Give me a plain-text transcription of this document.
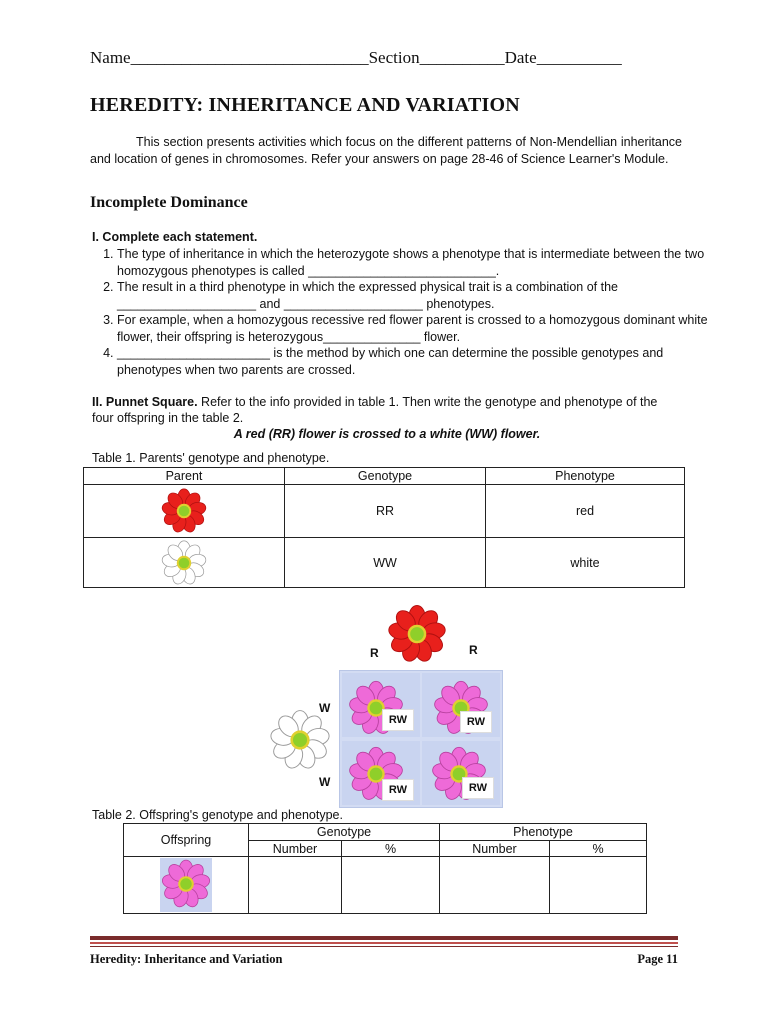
Name____________________________Section__________Date__________
HEREDITY: INHERITANCE AND VARIATION
This section presents activities which focus on the different patterns of Non-Mendellian inheritance and location of genes in chromosomes. Refer your answers on page 28-46 of Science Learner's Module.
Incomplete Dominance
I. Complete each statement.
1. The type of inheritance in which the heterozygote shows a phenotype that is intermediate between the two homozygous phenotypes is called ___________________________.
2. The result in a third phenotype in which the expressed physical trait is a combination of the ____________________ and ____________________ phenotypes.
3. For example, when a homozygous recessive red flower parent is crossed to a homozygous dominant white flower, their offspring is heterozygous______________ flower.
4. ______________________ is the method by which one can determine the possible genotypes and phenotypes when two parents are crossed.
II. Punnet Square. Refer to the info provided in table 1. Then write the genotype and phenotype of the four offspring in the table 2.
A red (RR) flower is crossed to a white (WW) flower.
Table 1. Parents' genotype and phenotype.
Parent	Genotype	Phenotype

	RR	red

	WW	white
R	R
W
W
RW	RW
RW	RW
Table 2. Offspring's genotype and phenotype.
Offspring	Genotype		Phenotype	
	Number	%	Number	%

Heredity: Inheritance and Variation	Page 11
